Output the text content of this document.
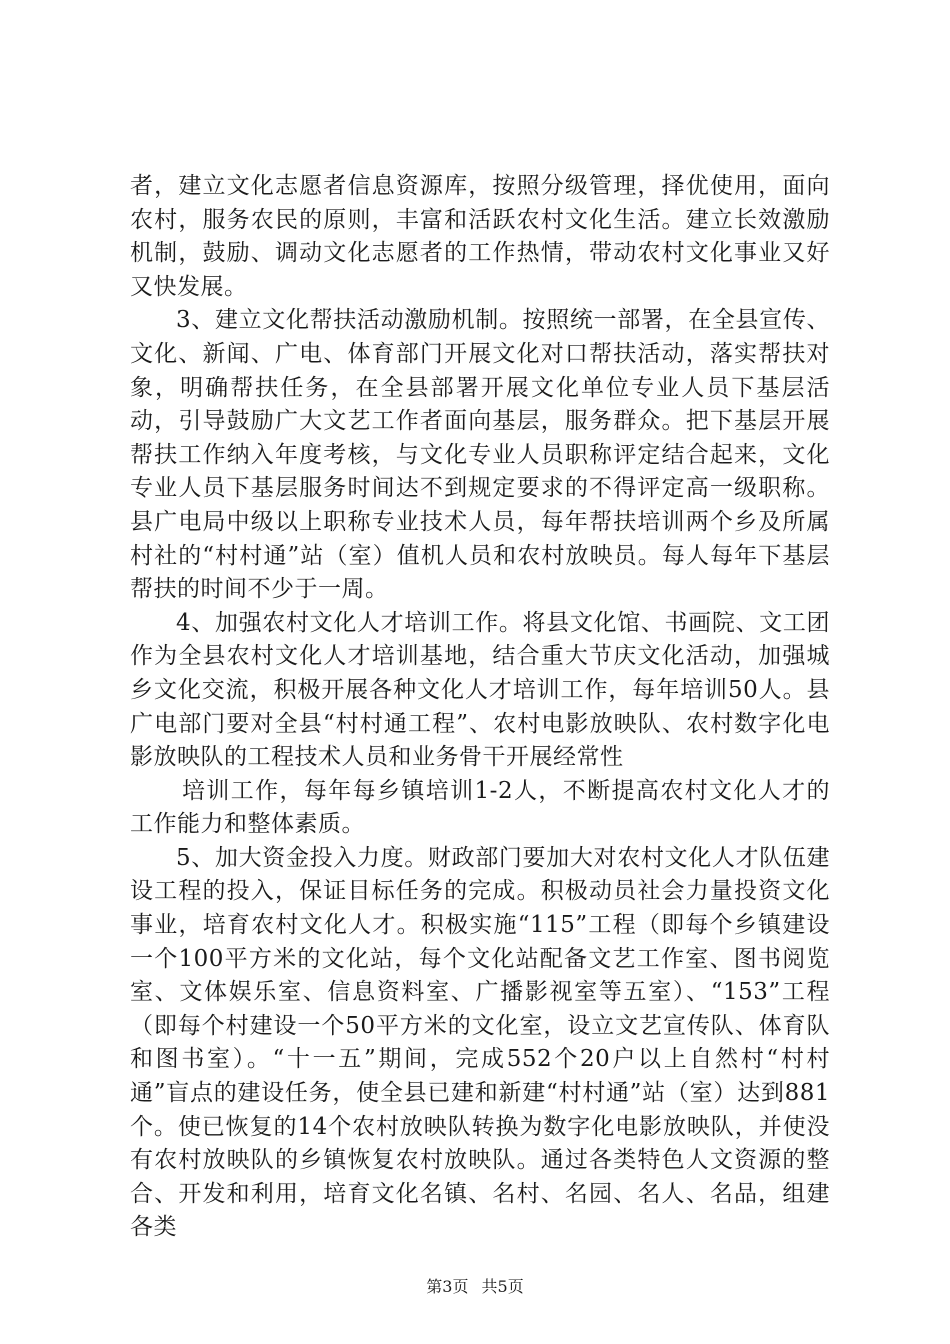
者，建立文化志愿者信息资源库，按照分级管理，择优使用，面向农村，服务农民的原则，丰富和活跃农村文化生活。建立长效激励机制，鼓励、调动文化志愿者的工作热情，带动农村文化事业又好又快发展。

3、建立文化帮扶活动激励机制。按照统一部署，在全县宣传、文化、新闻、广电、体育部门开展文化对口帮扶活动，落实帮扶对象，明确帮扶任务，在全县部署开展文化单位专业人员下基层活动，引导鼓励广大文艺工作者面向基层，服务群众。把下基层开展帮扶工作纳入年度考核，与文化专业人员职称评定结合起来，文化专业人员下基层服务时间达不到规定要求的不得评定高一级职称。县广电局中级以上职称专业技术人员，每年帮扶培训两个乡及所属村社的“村村通”站（室）值机人员和农村放映员。每人每年下基层帮扶的时间不少于一周。

4、加强农村文化人才培训工作。将县文化馆、书画院、文工团作为全县农村文化人才培训基地，结合重大节庆文化活动，加强城乡文化交流，积极开展各种文化人才培训工作，每年培训50人。县广电部门要对全县“村村通工程”、农村电影放映队、农村数字化电影放映队的工程技术人员和业务骨干开展经常性

培训工作，每年每乡镇培训1-2人，不断提高农村文化人才的工作能力和整体素质。

5、加大资金投入力度。财政部门要加大对农村文化人才队伍建设工程的投入，保证目标任务的完成。积极动员社会力量投资文化事业，培育农村文化人才。积极实施“115”工程（即每个乡镇建设一个100平方米的文化站，每个文化站配备文艺工作室、图书阅览室、文体娱乐室、信息资料室、广播影视室等五室）、“153”工程（即每个村建设一个50平方米的文化室，设立文艺宣传队、体育队和图书室）。“十一五”期间，完成552个20户以上自然村“村村通”盲点的建设任务，使全县已建和新建“村村通”站（室）达到881个。使已恢复的14个农村放映队转换为数字化电影放映队，并使没有农村放映队的乡镇恢复农村放映队。通过各类特色人文资源的整合、开发和利用，培育文化名镇、名村、名园、名人、名品，组建各类

第3页 共5页
